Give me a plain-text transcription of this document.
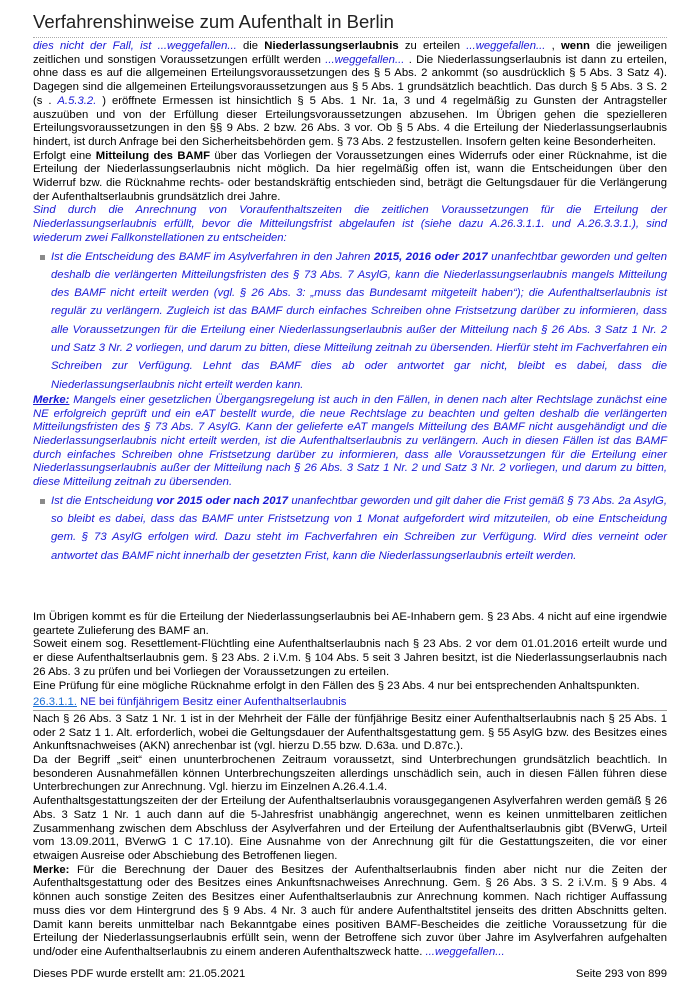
Verfahrenshinweise zum Aufenthalt in Berlin
dies nicht der Fall, ist ...weggefallen... die Niederlassungserlaubnis zu erteilen ...weggefallen... , wenn die jeweiligen zeitlichen und sonstigen Voraussetzungen erfüllt werden ...weggefallen... . Die Niederlassungserlaubnis ist dann zu erteilen, ohne dass es auf die allgemeinen Erteilungsvoraussetzungen des § 5 Abs. 2 ankommt (so ausdrücklich § 5 Abs. 3 Satz 4). Dagegen sind die allgemeinen Erteilungsvoraussetzungen aus § 5 Abs. 1 grundsätzlich beachtlich. Das durch § 5 Abs. 3 S. 2 (s . A.5.3.2. ) eröffnete Ermessen ist hinsichtlich § 5 Abs. 1 Nr. 1a, 3 und 4 regelmäßig zu Gunsten der Antragsteller auszuüben und von der Erfüllung dieser Erteilungsvoraussetzungen abzusehen. Im Übrigen gehen die spezielleren Erteilungsvoraussetzungen in den §§ 9 Abs. 2 bzw. 26 Abs. 3 vor. Ob § 5 Abs. 4 die Erteilung der Niederlassungserlaubnis hindert, ist durch Anfrage bei den Sicherheitsbehörden gem. § 73 Abs. 2 festzustellen. Insofern gelten keine Besonderheiten.
Erfolgt eine Mitteilung des BAMF über das Vorliegen der Voraussetzungen eines Widerrufs oder einer Rücknahme, ist die Erteilung der Niederlassungserlaubnis nicht möglich. Da hier regelmäßig offen ist, wann die Entscheidungen über den Widerruf bzw. die Rücknahme rechts- oder bestandskräftig entschieden sind, beträgt die Geltungsdauer für die Verlängerung der Aufenthaltserlaubnis grundsätzlich drei Jahre.
Sind durch die Anrechnung von Voraufenthaltszeiten die zeitlichen Voraussetzungen für die Erteilung der Niederlassungserlaubnis erfüllt, bevor die Mitteilungsfrist abgelaufen ist (siehe dazu A.26.3.1.1. und A.26.3.3.1.), sind wiederum zwei Fallkonstellationen zu entscheiden:
Ist die Entscheidung des BAMF im Asylverfahren in den Jahren 2015, 2016 oder 2017 unanfechtbar geworden und gelten deshalb die verlängerten Mitteilungsfristen des § 73 Abs. 7 AsylG, kann die Niederlassungserlaubnis mangels Mitteilung des BAMF nicht erteilt werden (vgl. § 26 Abs. 3: „muss das Bundesamt mitgeteilt haben“); die Aufenthaltserlaubnis ist regulär zu verlängern. Zugleich ist das BAMF durch einfaches Schreiben ohne Fristsetzung darüber zu informieren, dass alle Voraussetzungen für die Erteilung einer Niederlassungserlaubnis außer der Mitteilung nach § 26 Abs. 3 Satz 1 Nr. 2 und Satz 3 Nr. 2 vorliegen, und darum zu bitten, diese Mitteilung zeitnah zu übersenden. Hierfür steht im Fachverfahren ein Schreiben zur Verfügung. Lehnt das BAMF dies ab oder antwortet gar nicht, bleibt es dabei, dass die Niederlassungserlaubnis nicht erteilt werden kann.
Merke: Mangels einer gesetzlichen Übergangsregelung ist auch in den Fällen, in denen nach alter Rechtslage zunächst eine NE erfolgreich geprüft und ein eAT bestellt wurde, die neue Rechtslage zu beachten und gelten deshalb die verlängerten Mitteilungsfristen des § 73 Abs. 7 AsylG. Kann der gelieferte eAT mangels Mitteilung des BAMF nicht ausgehändigt und die Niederlassungserlaubnis nicht erteilt werden, ist die Aufenthaltserlaubnis zu verlängern. Auch in diesen Fällen ist das BAMF durch einfaches Schreiben ohne Fristsetzung darüber zu informieren, dass alle Voraussetzungen für die Erteilung einer Niederlassungserlaubnis außer der Mitteilung nach § 26 Abs. 3 Satz 1 Nr. 2 und Satz 3 Nr. 2 vorliegen, und darum zu bitten, diese Mitteilung zeitnah zu übersenden.
Ist die Entscheidung vor 2015 oder nach 2017 unanfechtbar geworden und gilt daher die Frist gemäß § 73 Abs. 2a AsylG, so bleibt es dabei, dass das BAMF unter Fristsetzung von 1 Monat aufgefordert wird mitzuteilen, ob eine Entscheidung gem. § 73 AsylG erfolgen wird. Dazu steht im Fachverfahren ein Schreiben zur Verfügung. Wird dies verneint oder antwortet das BAMF nicht innerhalb der gesetzten Frist, kann die Niederlassungserlaubnis erteilt werden.
Im Übrigen kommt es für die Erteilung der Niederlassungserlaubnis bei AE-Inhabern gem. § 23 Abs. 4 nicht auf eine irgendwie geartete Zulieferung des BAMF an.
Soweit einem sog. Resettlement-Flüchtling eine Aufenthaltserlaubnis nach § 23 Abs. 2 vor dem 01.01.2016 erteilt wurde und er diese Aufenthaltserlaubnis gem. § 23 Abs. 2 i.V.m. § 104 Abs. 5 seit 3 Jahren besitzt, ist die Niederlassungserlaubnis nach 26 Abs. 3 zu prüfen und bei Vorliegen der Voraussetzungen zu erteilen.
Eine Prüfung für eine mögliche Rücknahme erfolgt in den Fällen des § 23 Abs. 4 nur bei entsprechenden Anhaltspunkten.
26.3.1.1. NE bei fünfjährigem Besitz einer Aufenthaltserlaubnis
Nach § 26 Abs. 3 Satz 1 Nr. 1 ist in der Mehrheit der Fälle der fünfjährige Besitz einer Aufenthaltserlaubnis nach § 25 Abs. 1 oder 2 Satz 1 1. Alt. erforderlich, wobei die Geltungsdauer der Aufenthaltsgestattung gem. § 55 AsylG bzw. des Besitzes eines Ankunftsnachweises (AKN) anrechenbar ist (vgl. hierzu D.55 bzw. D.63a. und D.87c.).
Da der Begriff „seit“ einen ununterbrochenen Zeitraum voraussetzt, sind Unterbrechungen grundsätzlich beachtlich. In besonderen Ausnahmefällen können Unterbrechungszeiten allerdings unschädlich sein, auch in diesen Fällen führen diese Unterbrechungen zur Anrechnung. Vgl. hierzu im Einzelnen A.26.4.1.4.
Aufenthaltsgestattungszeiten der der Erteilung der Aufenthaltserlaubnis vorausgegangenen Asylverfahren werden gemäß § 26 Abs. 3 Satz 1 Nr. 1 auch dann auf die 5-Jahresfrist unabhängig angerechnet, wenn es keinen unmittelbaren zeitlichen Zusammenhang zwischen dem Abschluss der Asylverfahren und der Erteilung der Aufenthaltserlaubnis gibt (BVerwG, Urteil vom 13.09.2011, BVerwG 1 C 17.10). Eine Ausnahme von der Anrechnung gilt für die Gestattungszeiten, die vor einer etwaigen Ausreise oder Abschiebung des Betroffenen liegen.
Merke: Für die Berechnung der Dauer des Besitzes der Aufenthaltserlaubnis finden aber nicht nur die Zeiten der Aufenthaltsgestattung oder des Besitzes eines Ankunftsnachweises Anrechnung. Gem. § 26 Abs. 3 S. 2 i.V.m. § 9 Abs. 4 können auch sonstige Zeiten des Besitzes einer Aufenthaltserlaubnis zur Anrechnung kommen. Nach richtiger Auffassung muss dies vor dem Hintergrund des § 9 Abs. 4 Nr. 3 auch für andere Aufenthaltstitel jenseits des dritten Abschnitts gelten. Damit kann bereits unmittelbar nach Bekanntgabe eines positiven BAMF-Bescheides die zeitliche Voraussetzung für die Erteilung der Niederlassungserlaubnis erfüllt sein, wenn der Betroffene sich zuvor über Jahre im Asylverfahren aufgehalten und/oder eine Aufenthaltserlaubnis zu einem anderen Aufenthaltszweck hatte. ...weggefallen...
Dieses PDF wurde erstellt am: 21.05.2021	Seite 293 von 899
